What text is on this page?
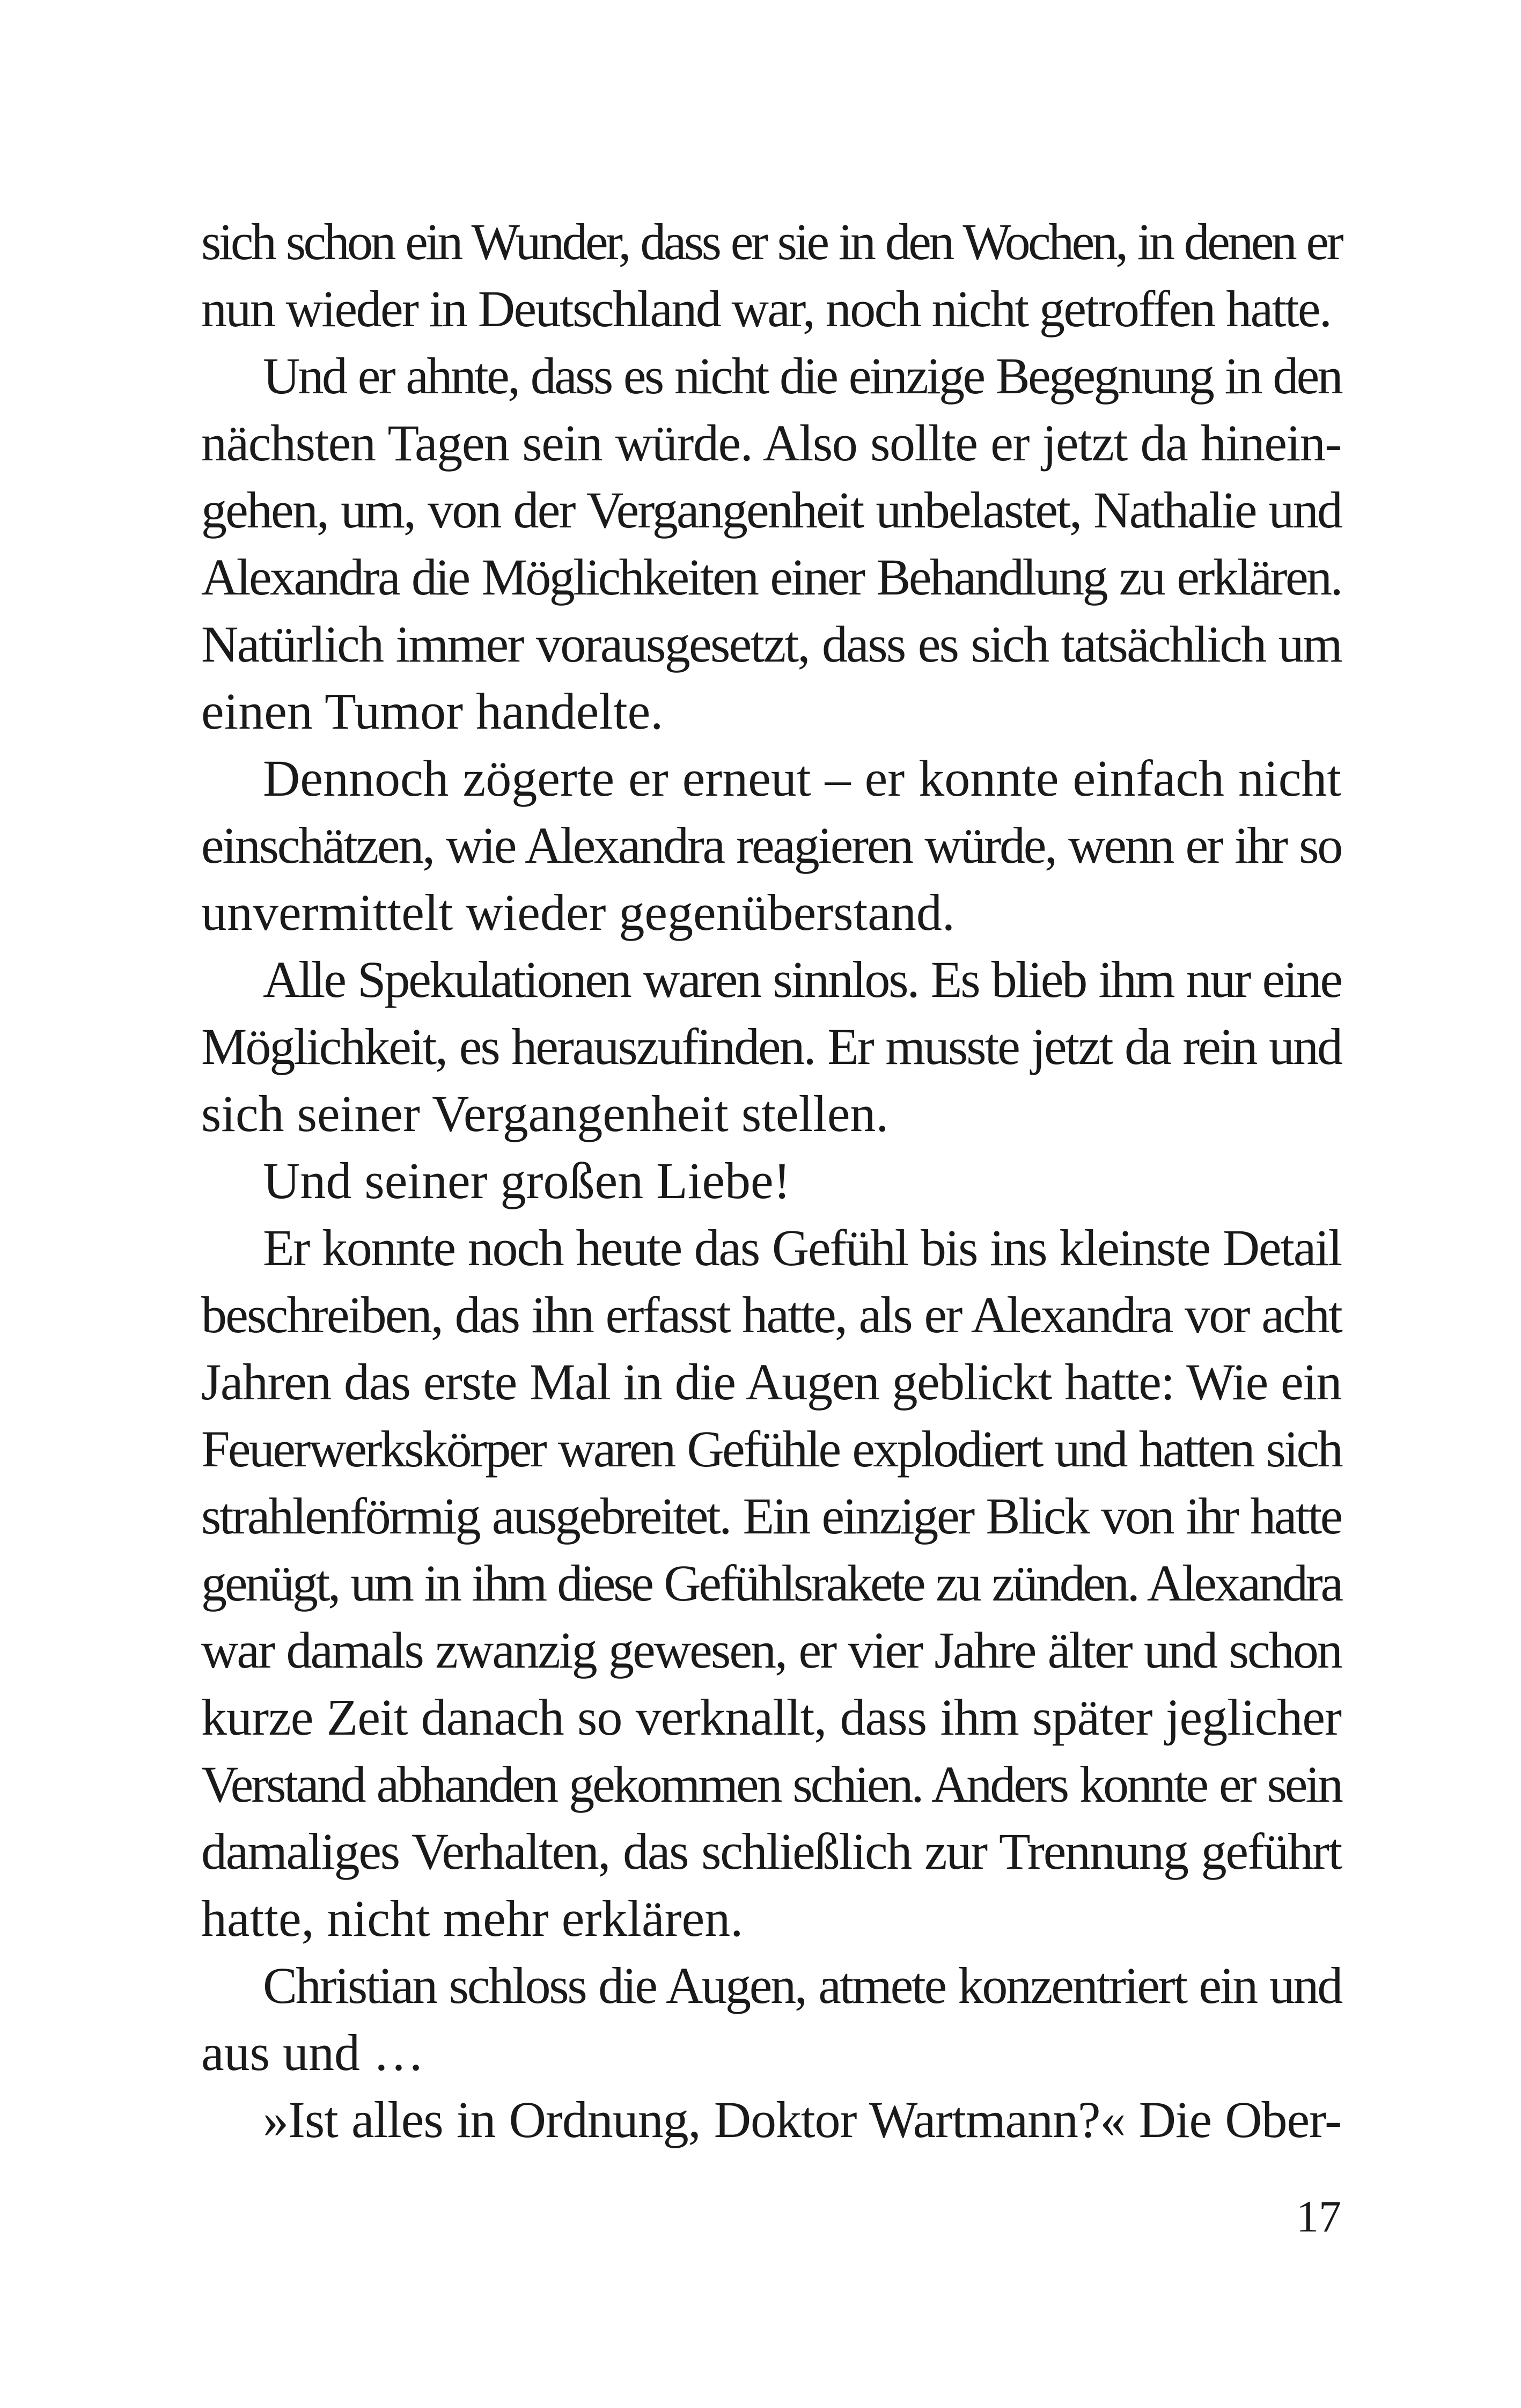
sich schon ein Wunder, dass er sie in den Wochen, in denen er
nun wieder in Deutschland war, noch nicht getroffen hatte.
Und er ahnte, dass es nicht die einzige Begegnung in den
nächsten Tagen sein würde. Also sollte er jetzt da hinein-
gehen, um, von der Vergangenheit unbelastet, Nathalie und
Alexandra die Möglichkeiten einer Behandlung zu erklären.
Natürlich immer vorausgesetzt, dass es sich tatsächlich um
einen Tumor handelte.
Dennoch zögerte er erneut – er konnte einfach nicht
einschätzen, wie Alexandra reagieren würde, wenn er ihr so
unvermittelt wieder gegenüberstand.
Alle Spekulationen waren sinnlos. Es blieb ihm nur eine
Möglichkeit, es herauszufinden. Er musste jetzt da rein und
sich seiner Vergangenheit stellen.
Und seiner großen Liebe!
Er konnte noch heute das Gefühl bis ins kleinste Detail
beschreiben, das ihn erfasst hatte, als er Alexandra vor acht
Jahren das erste Mal in die Augen geblickt hatte: Wie ein
Feuerwerkskörper waren Gefühle explodiert und hatten sich
strahlenförmig ausgebreitet. Ein einziger Blick von ihr hatte
genügt, um in ihm diese Gefühlsrakete zu zünden. Alexandra
war damals zwanzig gewesen, er vier Jahre älter und schon
kurze Zeit danach so verknallt, dass ihm später jeglicher
Verstand abhanden gekommen schien. Anders konnte er sein
damaliges Verhalten, das schließlich zur Trennung geführt
hatte, nicht mehr erklären.
Christian schloss die Augen, atmete konzentriert ein und
aus und …
»Ist alles in Ordnung, Doktor Wartmann?« Die Ober-
17
